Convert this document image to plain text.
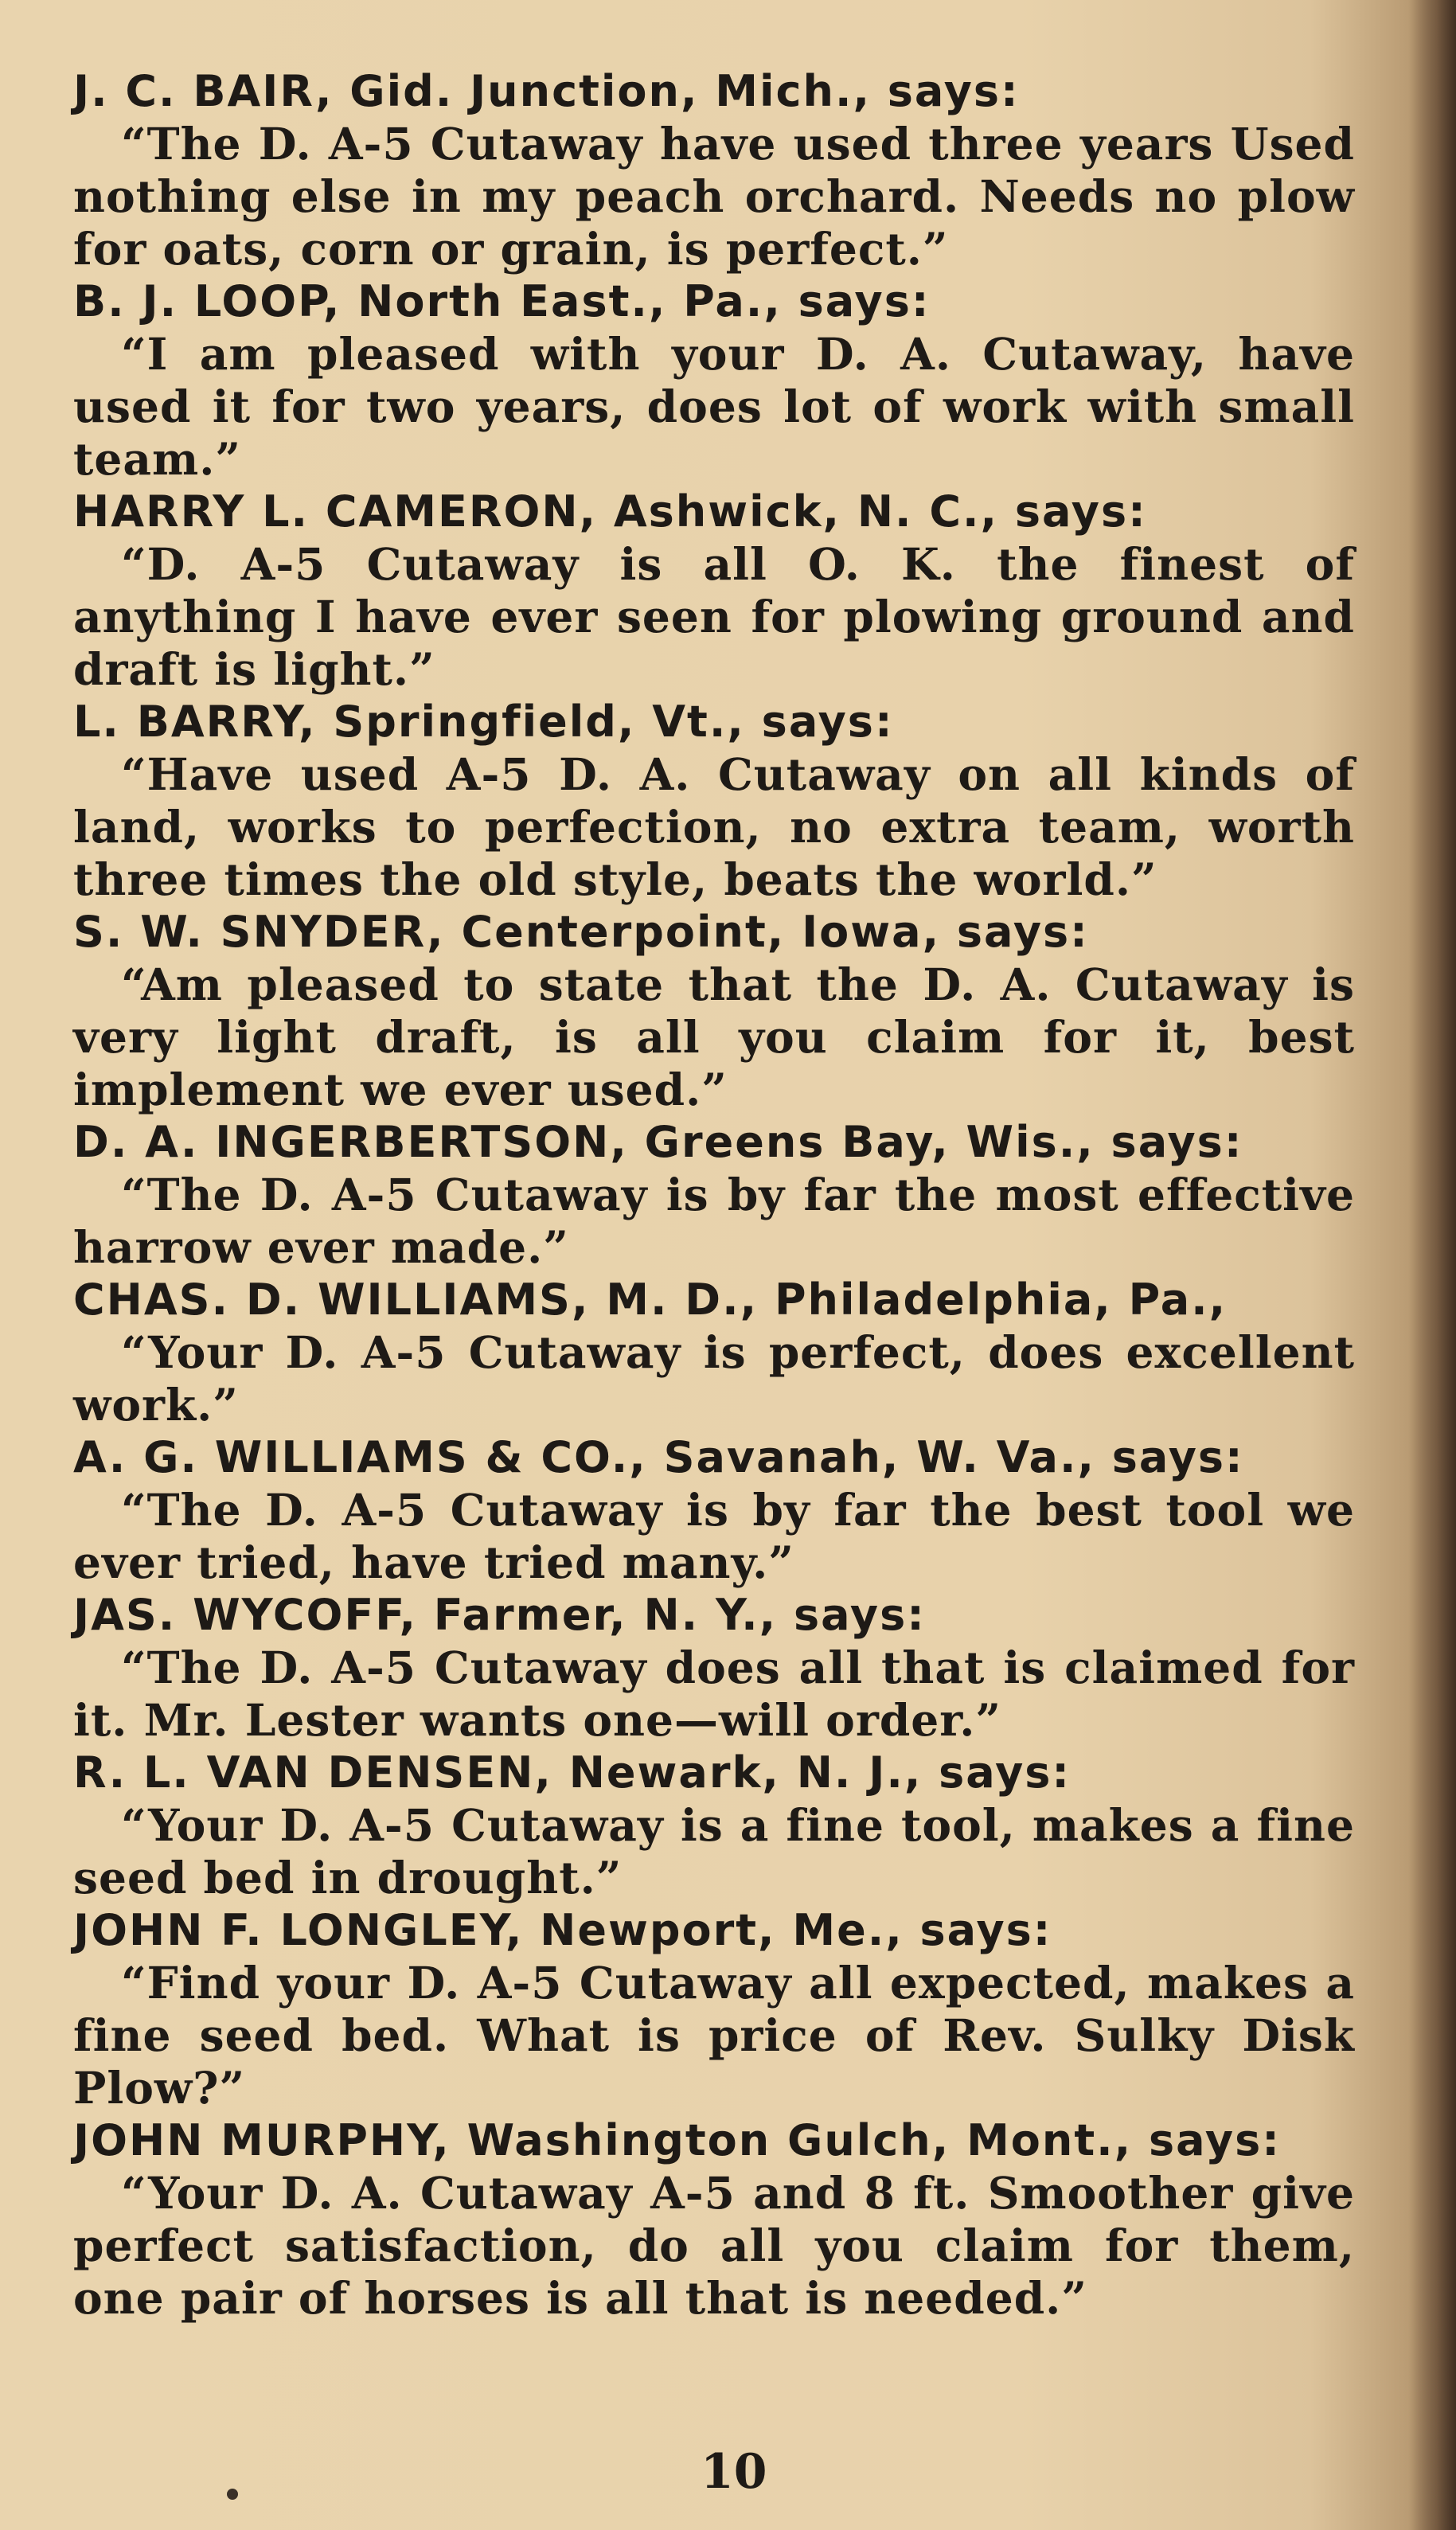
J. C. BAIR, Gid. Junction, Mich., says:
“The D. A-5 Cutaway have used three years Used nothing else in my peach orchard. Needs no plow for oats, corn or grain, is perfect.”
B. J. LOOP, North East., Pa., says:
“I am pleased with your D. A. Cutaway, have used it for two years, does lot of work with small team.”
HARRY L. CAMERON, Ashwick, N. C., says:
“D. A-5 Cutaway is all O. K. the finest of anything I have ever seen for plowing ground and draft is light.”
L. BARRY, Springfield, Vt., says:
“Have used A-5 D. A. Cutaway on all kinds of land, works to perfection, no extra team, worth three times the old style, beats the world.”
S. W. SNYDER, Centerpoint, Iowa, says:
“Am pleased to state that the D. A. Cutaway is very light draft, is all you claim for it, best implement we ever used.”
D. A. INGERBERTSON, Greens Bay, Wis., says:
“The D. A-5 Cutaway is by far the most effective harrow ever made.”
CHAS. D. WILLIAMS, M. D., Philadelphia, Pa.,
“Your D. A-5 Cutaway is perfect, does excellent work.”
A. G. WILLIAMS & CO., Savanah, W. Va., says:
“The D. A-5 Cutaway is by far the best tool we ever tried, have tried many.”
JAS. WYCOFF, Farmer, N. Y., says:
“The D. A-5 Cutaway does all that is claimed for it. Mr. Lester wants one—will order.”
R. L. VAN DENSEN, Newark, N. J., says:
“Your D. A-5 Cutaway is a fine tool, makes a fine seed bed in drought.”
JOHN F. LONGLEY, Newport, Me., says:
“Find your D. A-5 Cutaway all expected, makes a fine seed bed. What is price of Rev. Sulky Disk Plow?”
JOHN MURPHY, Washington Gulch, Mont., says:
“Your D. A. Cutaway A-5 and 8 ft. Smoother give perfect satisfaction, do all you claim for them, one pair of horses is all that is needed.”
10
